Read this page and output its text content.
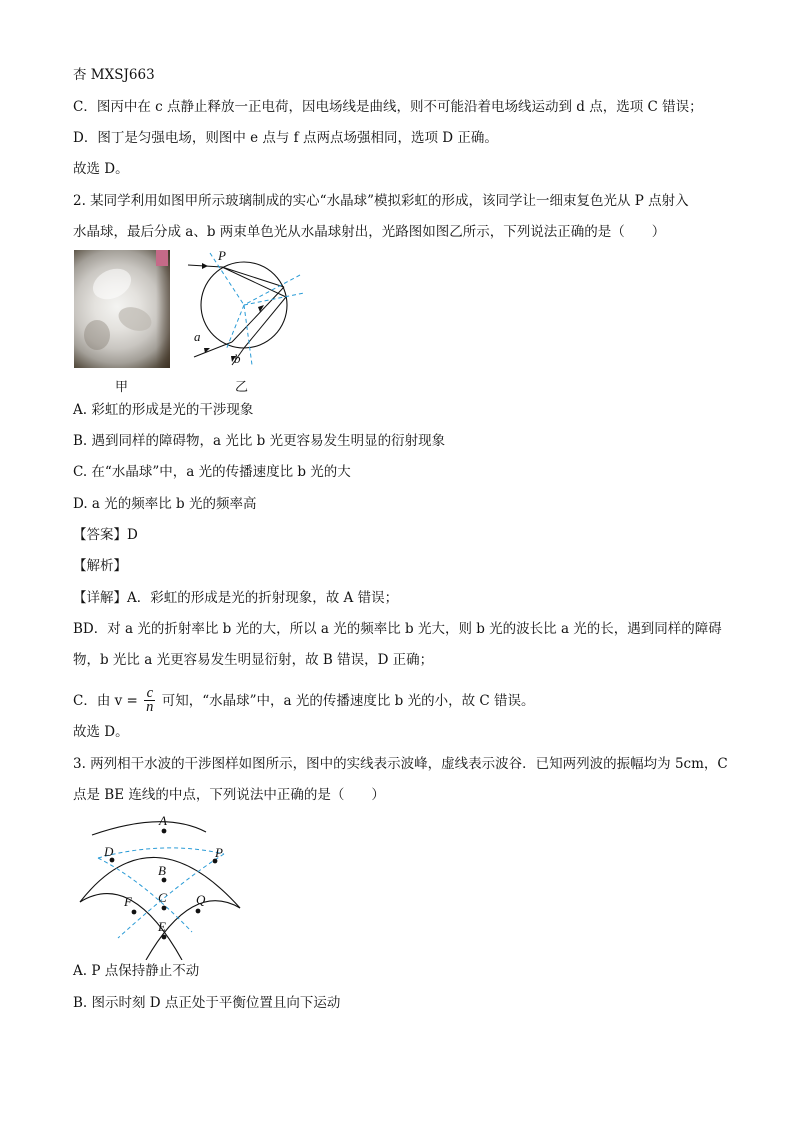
杏 MXSJ663
C．图丙中在 c 点静止释放一正电荷，因电场线是曲线，则不可能沿着电场线运动到 d 点，选项 C 错误；
D．图丁是匀强电场，则图中 e 点与 f 点两点场强相同，选项 D 正确。
故选 D。
2. 某同学利用如图甲所示玻璃制成的实心“水晶球”模拟彩虹的形成，该同学让一细束复色光从 P 点射入
水晶球，最后分成 a、b 两束单色光从水晶球射出，光路图如图乙所示，下列说法正确的是（　　）
甲
P
a
b
乙
A. 彩虹的形成是光的干涉现象
B. 遇到同样的障碍物，a 光比 b 光更容易发生明显的衍射现象
C. 在“水晶球”中，a 光的传播速度比 b 光的大
D. a 光的频率比 b 光的频率高
【答案】D
【解析】
【详解】A．彩虹的形成是光的折射现象，故 A 错误；
BD．对 a 光的折射率比 b 光的大，所以 a 光的频率比 b 光大，则 b 光的波长比 a 光的长，遇到同样的障碍
物，b 光比 a 光更容易发生明显衍射，故 B 错误，D 正确；
C．由 $v = \frac{c}{n}$ 可知，“水晶球”中，a 光的传播速度比 b 光的小，故 C 错误。
故选 D。
3. 两列相干水波的干涉图样如图所示，图中的实线表示波峰，虚线表示波谷．已知两列波的振幅均为 5cm，C
点是 BE 连线的中点，下列说法中正确的是（　　）
A
D	P
B
F C Q
E
A. P 点保持静止不动
B. 图示时刻 D 点正处于平衡位置且向下运动
